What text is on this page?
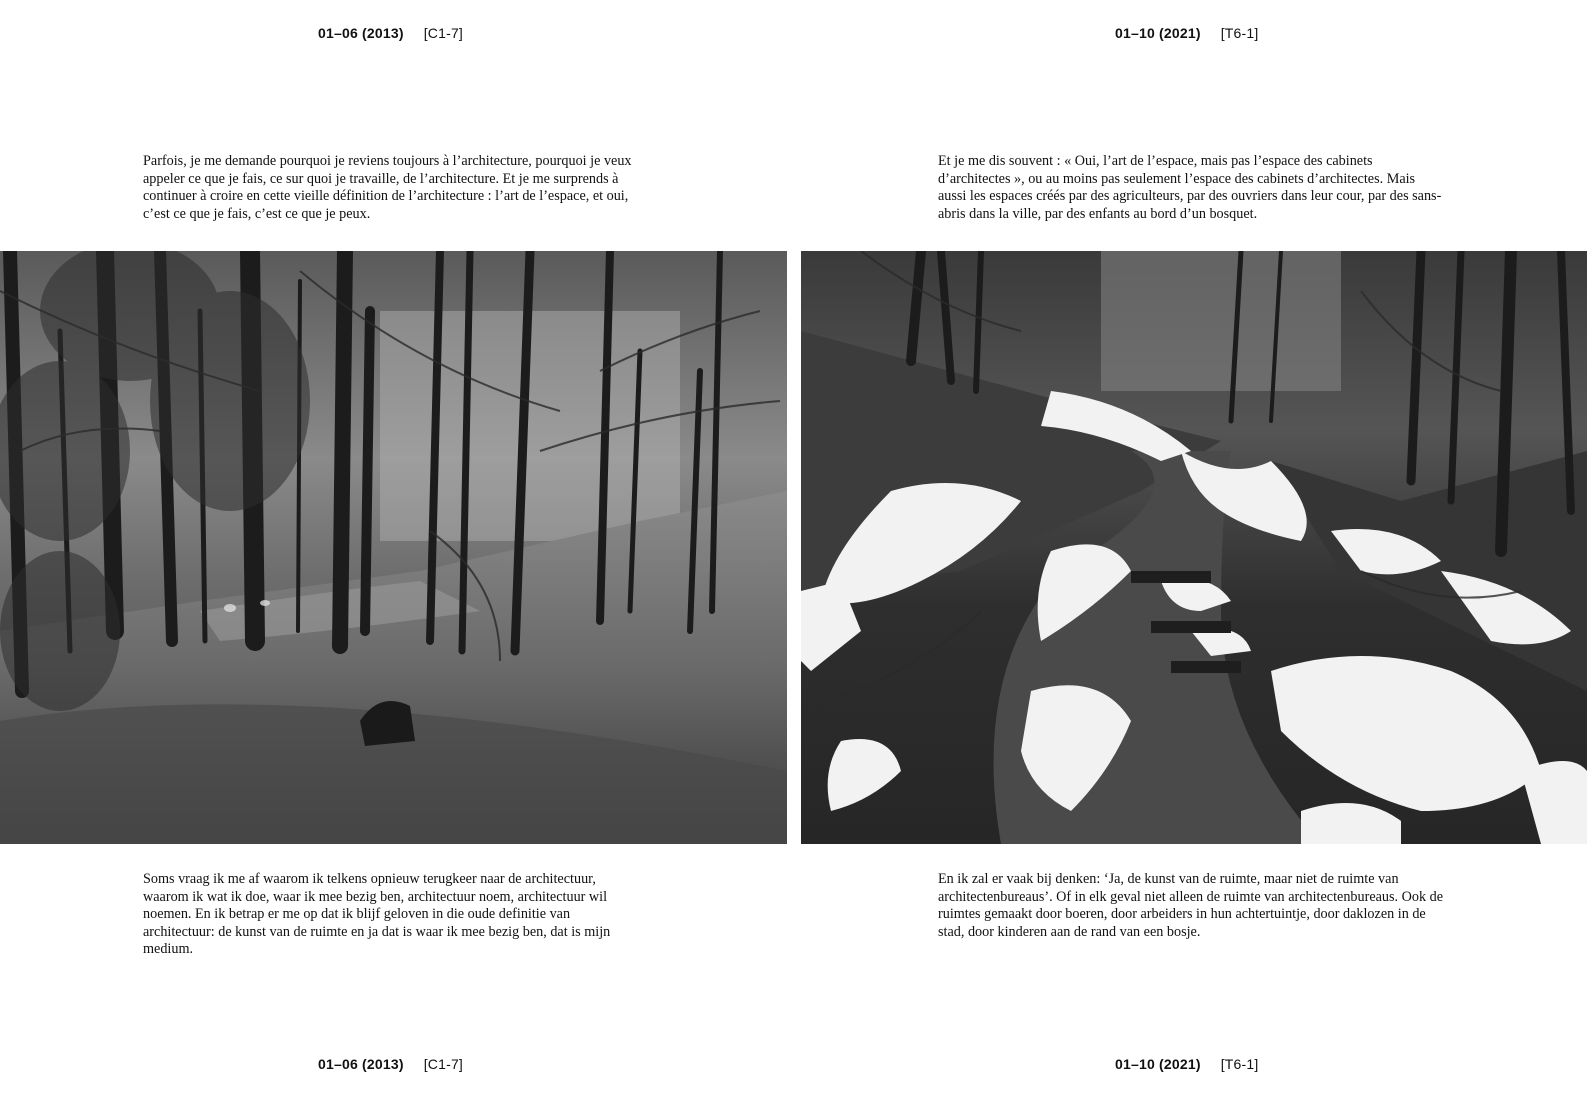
01–06 (2013) [C1-7]

Parfois, je me demande pourquoi je reviens toujours à l’architecture, pourquoi je veux appeler ce que je fais, ce sur quoi je travaille, de l’architecture. Et je me surprends à continuer à croire en cette vieille définition de l’architecture : l’art de l’espace, et oui, c’est ce que je fais, c’est ce que je peux.

Soms vraag ik me af waarom ik telkens opnieuw terugkeer naar de architectuur, waarom ik wat ik doe, waar ik mee bezig ben, architectuur noem, architectuur wil noemen. En ik betrap er me op dat ik blijf geloven in die oude definitie van architectuur: de kunst van de ruimte en ja dat is waar ik mee bezig ben, dat is mijn medium.

01–06 (2013) [C1-7]
01–10 (2021) [T6-1]

Et je me dis souvent : « Oui, l’art de l’espace, mais pas l’espace des cabinets d’architectes », ou au moins pas seulement l’espace des cabinets d’architectes. Mais aussi les espaces créés par des agriculteurs, par des ouvriers dans leur cour, par des sans-abris dans la ville, par des enfants au bord d’un bosquet.

En ik zal er vaak bij denken: ‘Ja, de kunst van de ruimte, maar niet de ruimte van architectenbureaus’. Of in elk geval niet alleen de ruimte van architectenbureaus. Ook de ruimtes gemaakt door boeren, door arbeiders in hun achtertuintje, door daklozen in de stad, door kinderen aan de rand van een bosje.

01–10 (2021) [T6-1]
